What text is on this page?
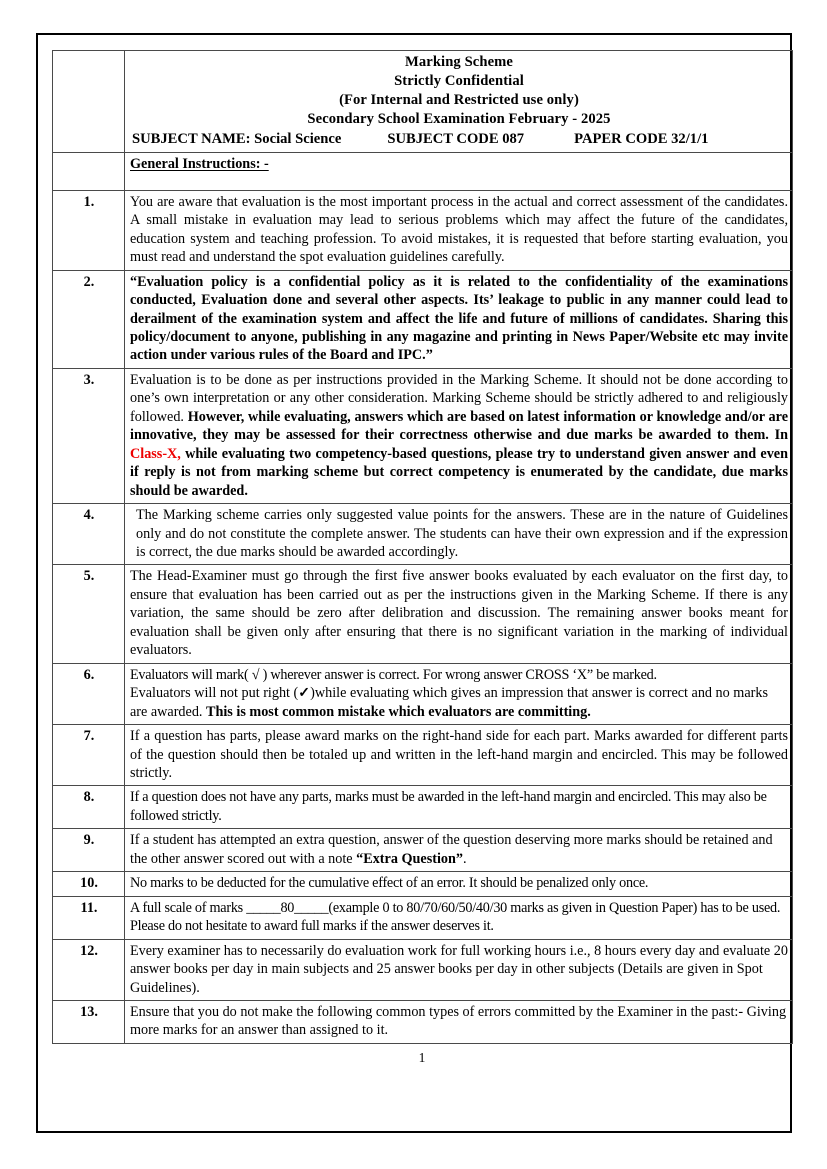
Marking Scheme
Strictly Confidential
(For Internal and Restricted use only)
Secondary School Examination February - 2025
SUBJECT NAME: Social Science	SUBJECT CODE 087	PAPER CODE 32/1/1

	General Instructions: -
1.	You are aware that evaluation is the most important process in the actual and correct assessment of the candidates. A small mistake in evaluation may lead to serious problems which may affect the future of the candidates, education system and teaching profession. To avoid mistakes, it is requested that before starting evaluation, you must read and understand the spot evaluation guidelines carefully.

2.	“Evaluation policy is a confidential policy as it is related to the confidentiality of the examinations conducted, Evaluation done and several other aspects. Its’ leakage to public in any manner could lead to derailment of the examination system and affect the life and future of millions of candidates. Sharing this policy/document to anyone, publishing in any magazine and printing in News Paper/Website etc may invite action under various rules of the Board and IPC.”

3.	Evaluation is to be done as per instructions provided in the Marking Scheme. It should not be done according to one’s own interpretation or any other consideration. Marking Scheme should be strictly adhered to and religiously followed. However, while evaluating, answers which are based on latest information or knowledge and/or are innovative, they may be assessed for their correctness otherwise and due marks be awarded to them. In Class-X, while evaluating two competency-based questions, please try to understand given answer and even if reply is not from marking scheme but correct competency is enumerated by the candidate, due marks should be awarded.

4.	The Marking scheme carries only suggested value points for the answers. These are in the nature of Guidelines only and do not constitute the complete answer. The students can have their own expression and if the expression is correct, the due marks should be awarded accordingly.

5.	The Head-Examiner must go through the first five answer books evaluated by each evaluator on the first day, to ensure that evaluation has been carried out as per the instructions given in the Marking Scheme. If there is any variation, the same should be zero after delibration and discussion. The remaining answer books meant for evaluation shall be given only after ensuring that there is no significant variation in the marking of individual evaluators.

6.	Evaluators will mark( √ ) wherever answer is correct. For wrong answer CROSS ‘X” be marked.

Evaluators will not put right (✓)while evaluating which gives an impression that answer is correct and no marks are awarded. This is most common mistake which evaluators are committing.

7.	If a question has parts, please award marks on the right-hand side for each part. Marks awarded for different parts of the question should then be totaled up and written in the left-hand margin and encircled. This may be followed strictly.

8.	If a question does not have any parts, marks must be awarded in the left-hand margin and encircled. This may also be followed strictly.

9.	If a student has attempted an extra question, answer of the question deserving more marks should be retained and the other answer scored out with a note “Extra Question”.

10.	No marks to be deducted for the cumulative effect of an error. It should be penalized only once.

11.	A full scale of marks _____80_____(example 0 to 80/70/60/50/40/30 marks as given in Question Paper) has to be used. Please do not hesitate to award full marks if the answer deserves it.

12.	Every examiner has to necessarily do evaluation work for full working hours i.e., 8 hours every day and evaluate 20 answer books per day in main subjects and 25 answer books per day in other subjects (Details are given in Spot Guidelines).

13.	Ensure that you do not make the following common types of errors committed by the Examiner in the past:- Giving more marks for an answer than assigned to it.

1
